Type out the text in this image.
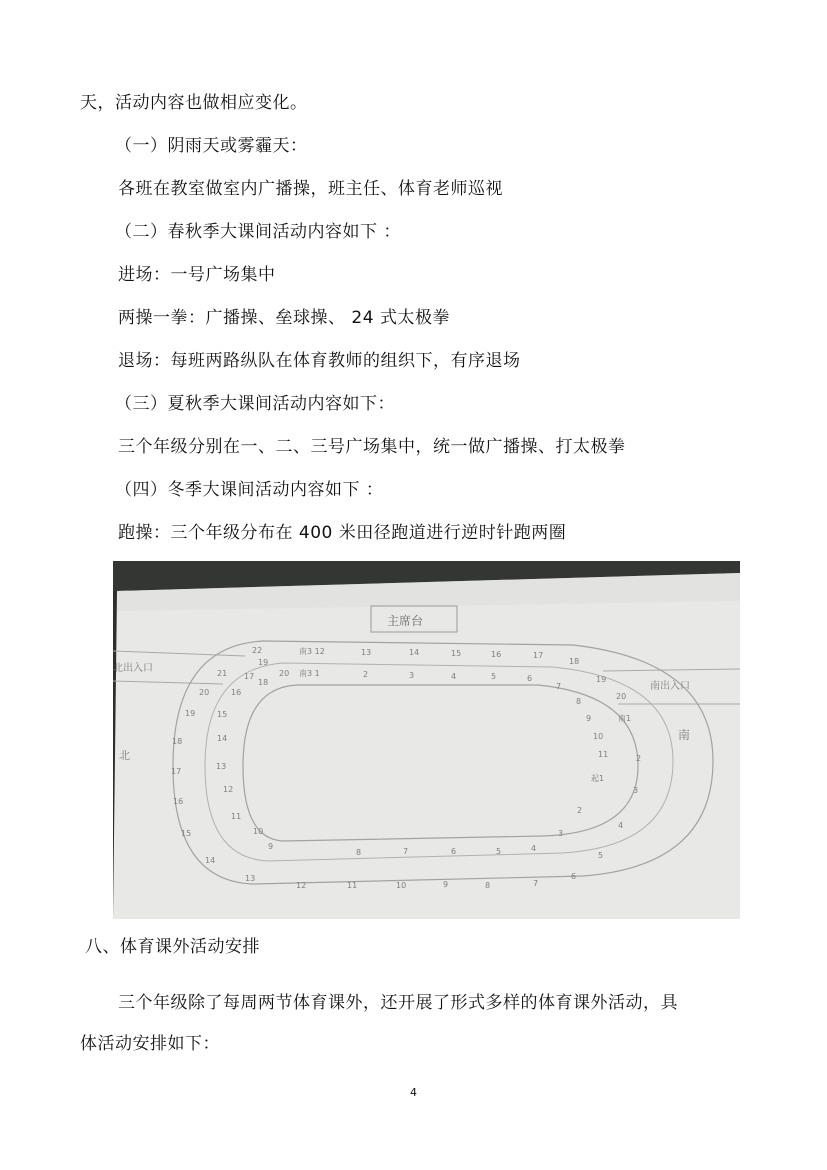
天，活动内容也做相应变化。
（一）阴雨天或雾霾天：
各班在教室做室内广播操，班主任、体育老师巡视
（二）春秋季大课间活动内容如下 ：
进场：一号广场集中
两操一拳：广播操、垒球操、 24 式太极拳
退场：每班两路纵队在体育教师的组织下，有序退场
（三）夏秋季大课间活动内容如下：
三个年级分别在一、二、三号广场集中，统一做广播操、打太极拳
（四）冬季大课间活动内容如下 ：
跑操：三个年级分布在 400 米田径跑道进行逆时针跑两圈
主席台
北出入口
南出入口
北
南
20 南3 1	2	3	4	5	6
7
8
9
10
11
起1
2
3
4
5
6
7
8
9
10
11
12
13
14
15
16
17
18
19
22	南3 12	13	14	15	16	17
18
19
20
南1
2
3
4
5
6
7
8
9
10
11
12
13
14
15
16
17
18
19
20
21
八、体育课外活动安排
三个年级除了每周两节体育课外，还开展了形式多样的体育课外活动，具
体活动安排如下：
4
